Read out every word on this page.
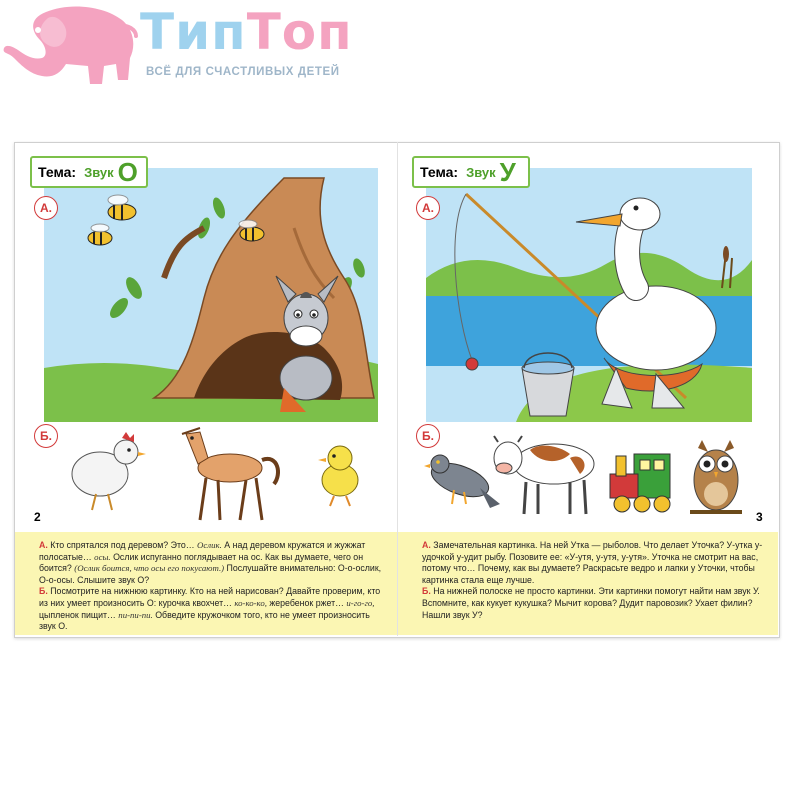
ТипТоп
ВСЁ ДЛЯ СЧАСТЛИВЫХ ДЕТЕЙ
Тема: Звук О
А.
Б.
2

А. Кто спрятался под деревом? Это… Ослик. А над деревом кружатся и жужжат полосатые… осы. Ослик испуганно поглядывает на ос. Как вы думаете, чего он боится? (Ослик боится, что осы его покусают.) Послушайте внимательно: О-о-ослик, О-о-осы. Слышите звук О?

Б. Посмотрите на нижнюю картинку. Кто на ней нарисован? Давайте проверим, кто из них умеет произносить О: курочка квохчет… ко-ко-ко, жеребенок ржет… и-го-го, цыпленок пищит… пи-пи-пи. Обведите кружочком того, кто не умеет произносить звук О.

Тема: Звук У
А.
Б.
3

А. Замечательная картинка. На ней Утка — рыболов. Что делает Уточка? У-утка у-удочкой у-удит рыбу. Позовите ее: «У-утя, у-утя, у-утя». Уточка не смотрит на вас, потому что… Почему, как вы думаете? Раскрасьте ведро и лапки у Уточки, чтобы картинка стала еще лучше.

Б. На нижней полоске не просто картинки. Эти картинки помогут найти нам звук У. Вспомните, как кукует кукушка? Мычит корова? Дудит паровозик? Ухает филин? Нашли звук У?
